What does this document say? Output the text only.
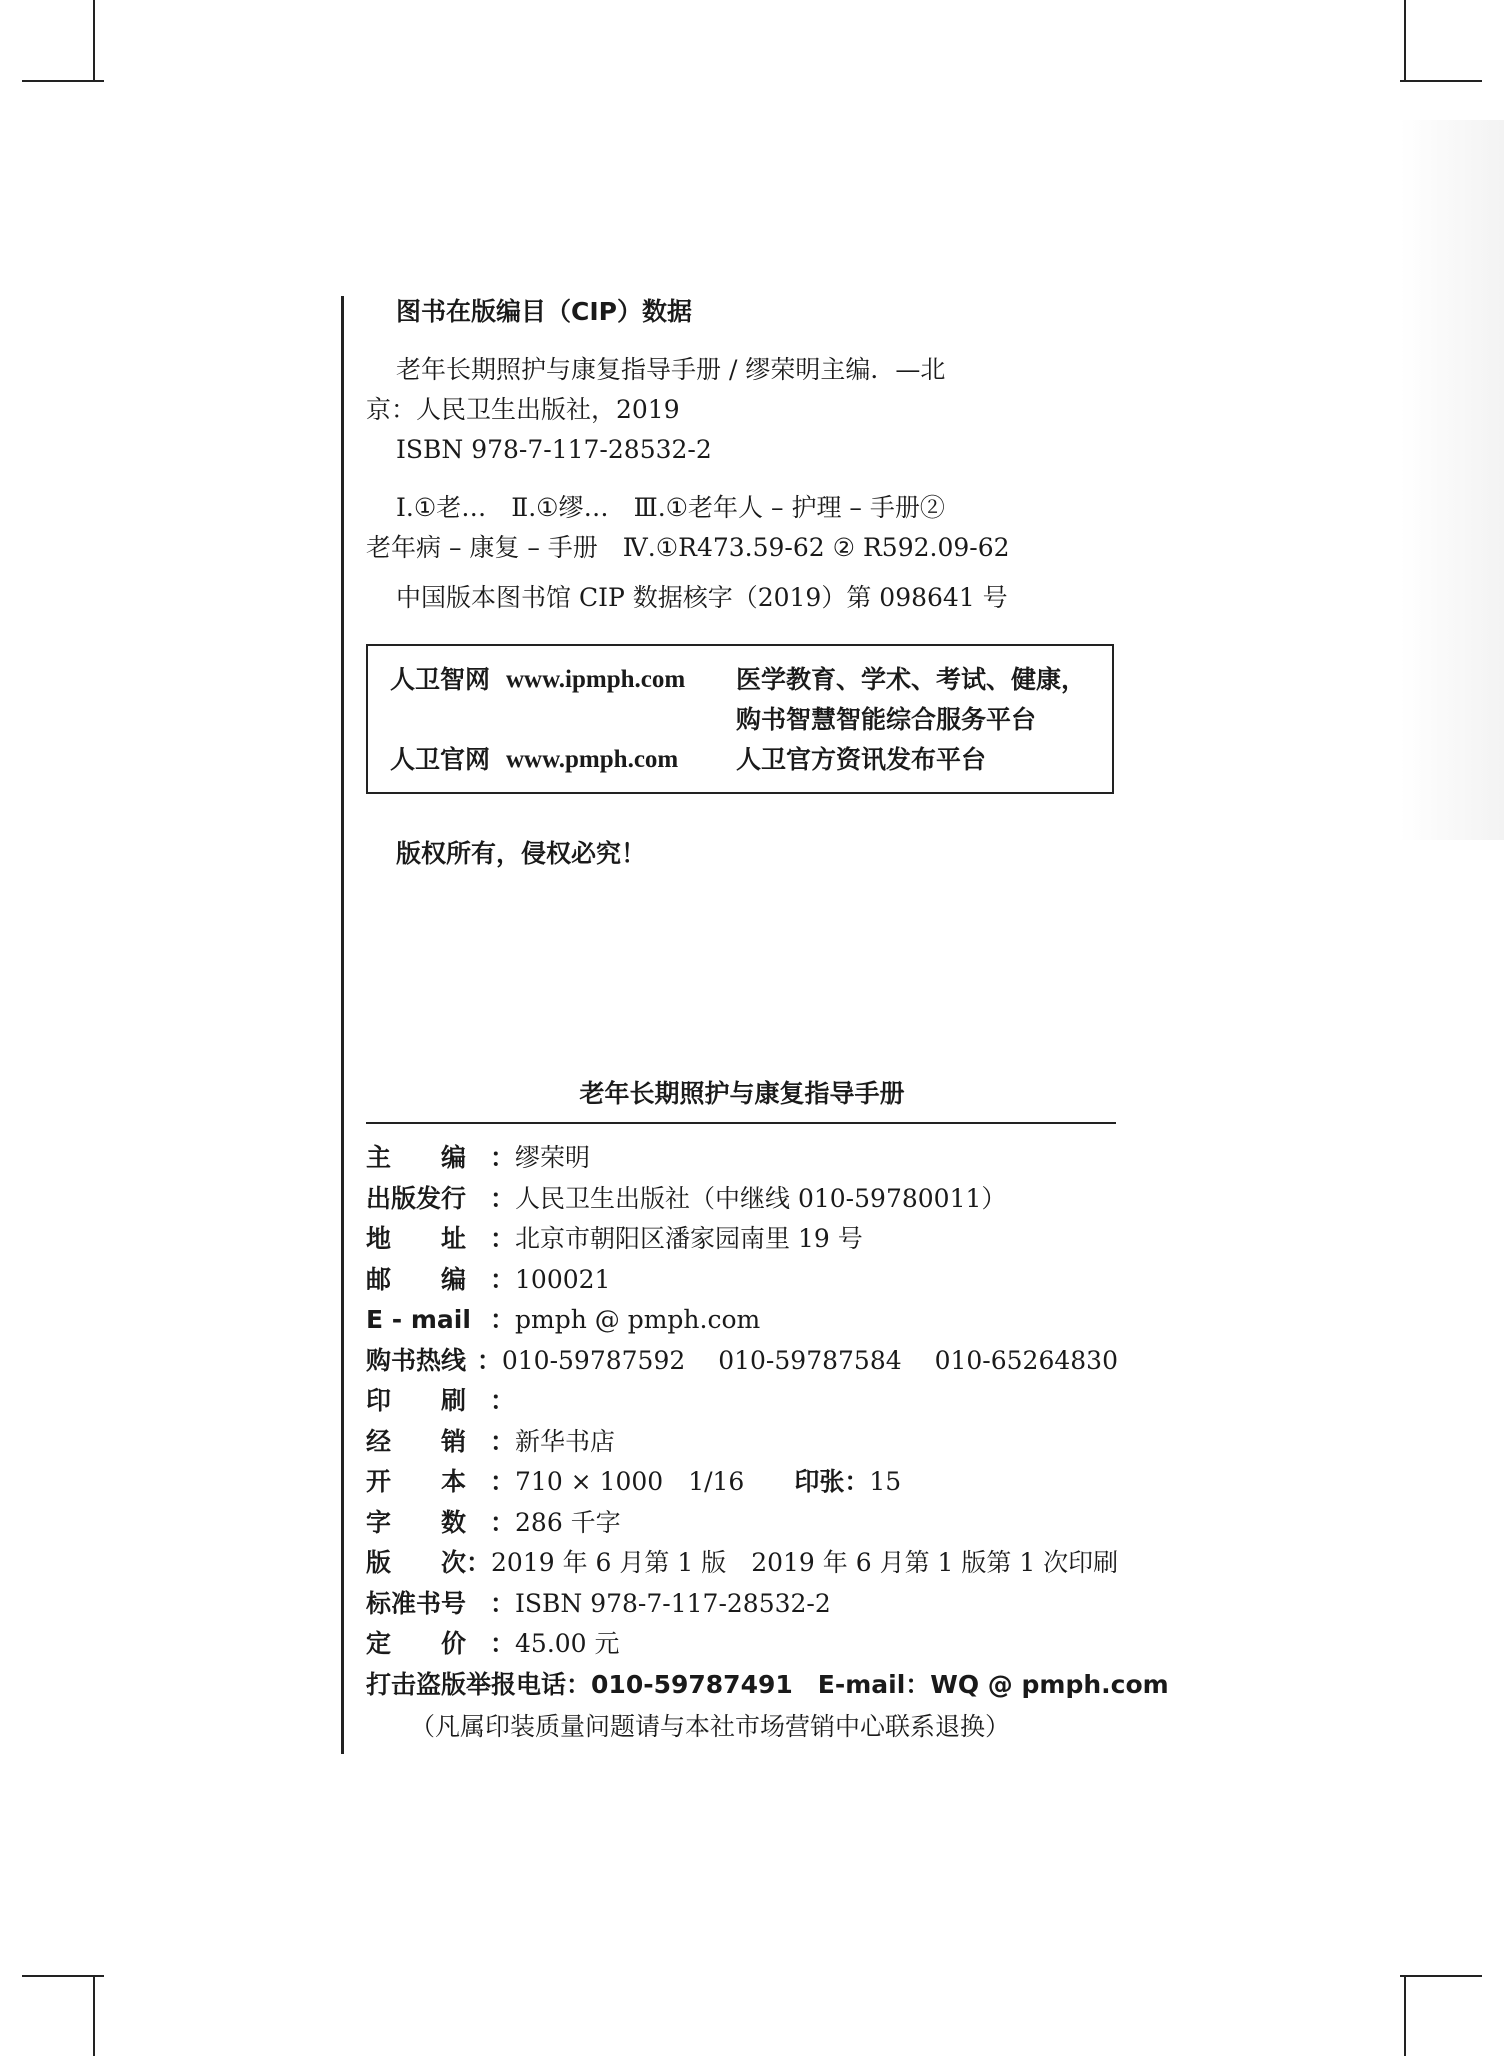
图书在版编目（CIP）数据
老年长期照护与康复指导手册 / 缪荣明主编．—北
京：人民卫生出版社，2019
ISBN 978-7-117-28532-2
Ⅰ.①老…　Ⅱ.①缪…　Ⅲ.①老年人 – 护理 – 手册②
老年病 – 康复 – 手册　Ⅳ.①R473.59-62 ② R592.09-62
中国版本图书馆 CIP 数据核字（2019）第 098641 号
人卫智网 www.ipmph.com	医学教育、学术、考试、健康，
购书智慧智能综合服务平台
人卫官网 www.pmph.com	人卫官方资讯发布平台
版权所有，侵权必究！
老年长期照护与康复指导手册
主　　编 ： 缪荣明
出版发行 ： 人民卫生出版社（中继线 010-59780011）
地　　址 ： 北京市朝阳区潘家园南里 19 号
邮　　编 ： 100021
E - mail ： pmph @ pmph.com
购书热线 ： 010-59787592　 010-59787584　 010-65264830
印　　刷 ：
经　　销 ： 新华书店
开　　本 ： 710 × 1000　1/16　　 印张 ： 15
字　　数 ： 286 千字
版　　次 ： 2019 年 6 月第 1 版　2019 年 6 月第 1 版第 1 次印刷
标准书号 ： ISBN 978-7-117-28532-2
定　　价 ： 45.00 元
打击盗版举报电话 ： 010-59787491　E-mail：WQ @ pmph.com
（凡属印装质量问题请与本社市场营销中心联系退换）
